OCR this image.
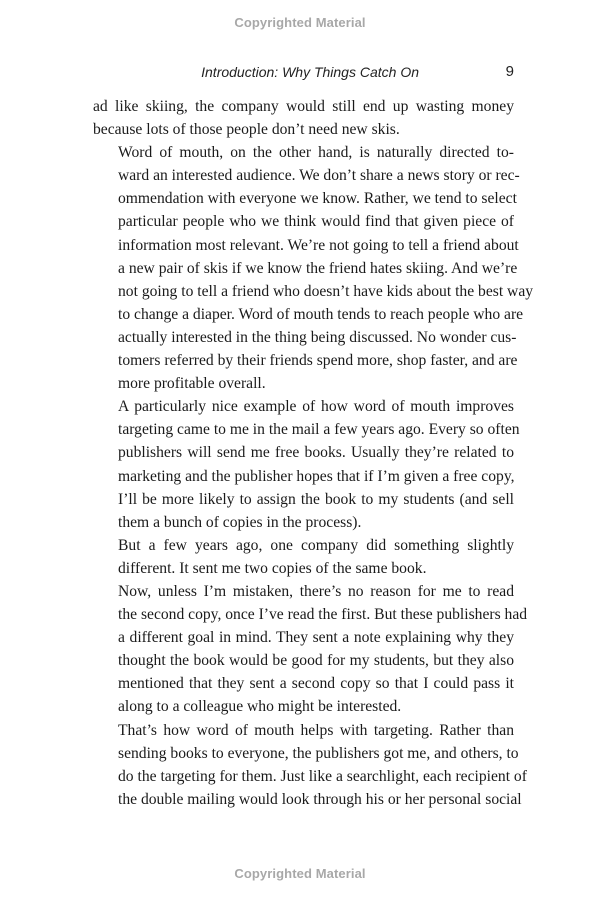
Copyrighted Material
Introduction: Why Things Catch On	9

ad like skiing, the company would still end up wasting money
because lots of those people don’t need new skis.

Word of mouth, on the other hand, is naturally directed to-
ward an interested audience. We don’t share a news story or rec-
ommendation with everyone we know. Rather, we tend to select
particular people who we think would find that given piece of
information most relevant. We’re not going to tell a friend about
a new pair of skis if we know the friend hates skiing. And we’re
not going to tell a friend who doesn’t have kids about the best way
to change a diaper. Word of mouth tends to reach people who are
actually interested in the thing being discussed. No wonder cus-
tomers referred by their friends spend more, shop faster, and are
more profitable overall.

A particularly nice example of how word of mouth improves
targeting came to me in the mail a few years ago. Every so often
publishers will send me free books. Usually they’re related to
marketing and the publisher hopes that if I’m given a free copy,
I’ll be more likely to assign the book to my students (and sell
them a bunch of copies in the process).

But a few years ago, one company did something slightly
different. It sent me two copies of the same book.

Now, unless I’m mistaken, there’s no reason for me to read
the second copy, once I’ve read the first. But these publishers had
a different goal in mind. They sent a note explaining why they
thought the book would be good for my students, but they also
mentioned that they sent a second copy so that I could pass it
along to a colleague who might be interested.

That’s how word of mouth helps with targeting. Rather than
sending books to everyone, the publishers got me, and others, to
do the targeting for them. Just like a searchlight, each recipient of
the double mailing would look through his or her personal social

Copyrighted Material
